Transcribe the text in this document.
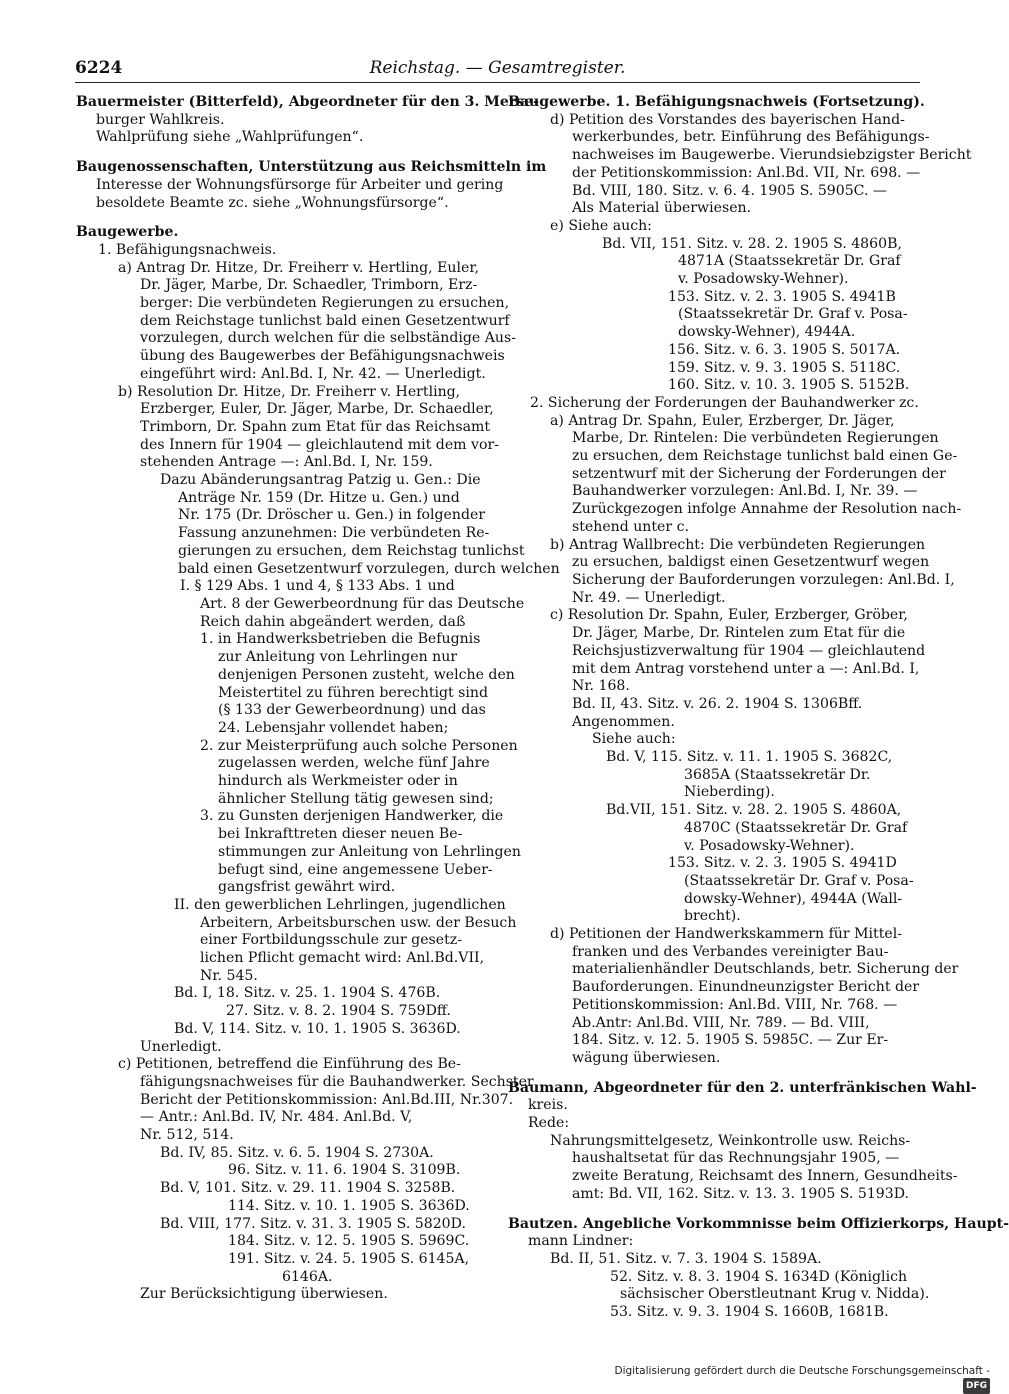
6224	Reichstag. — Gesamtregister.
Bauermeister (Bitterfeld), Abgeordneter für den 3. Merse-
burger Wahlkreis.
Wahlprüfung siehe „Wahlprüfungen“.
Baugenossenschaften, Unterstützung aus Reichsmitteln im
Interesse der Wohnungsfürsorge für Arbeiter und gering
besoldete Beamte zc. siehe „Wohnungsfürsorge“.
Baugewerbe.
1. Befähigungsnachweis.
a) Antrag Dr. Hitze, Dr. Freiherr v. Hertling, Euler,
Dr. Jäger, Marbe, Dr. Schaedler, Trimborn, Erz-
berger: Die verbündeten Regierungen zu ersuchen,
dem Reichstage tunlichst bald einen Gesetzentwurf
vorzulegen, durch welchen für die selbständige Aus-
übung des Baugewerbes der Befähigungsnachweis
eingeführt wird: Anl.Bd. I, Nr. 42. — Unerledigt.
b) Resolution Dr. Hitze, Dr. Freiherr v. Hertling,
Erzberger, Euler, Dr. Jäger, Marbe, Dr. Schaedler,
Trimborn, Dr. Spahn zum Etat für das Reichsamt
des Innern für 1904 — gleichlautend mit dem vor-
stehenden Antrage —: Anl.Bd. I, Nr. 159.
Dazu Abänderungsantrag Patzig u. Gen.: Die
Anträge Nr. 159 (Dr. Hitze u. Gen.) und
Nr. 175 (Dr. Dröscher u. Gen.) in folgender
Fassung anzunehmen: Die verbündeten Re-
gierungen zu ersuchen, dem Reichstag tunlichst
bald einen Gesetzentwurf vorzulegen, durch welchen
I. § 129 Abs. 1 und 4, § 133 Abs. 1 und
Art. 8 der Gewerbeordnung für das Deutsche
Reich dahin abgeändert werden, daß
1. in Handwerksbetrieben die Befugnis
zur Anleitung von Lehrlingen nur
denjenigen Personen zusteht, welche den
Meistertitel zu führen berechtigt sind
(§ 133 der Gewerbeordnung) und das
24. Lebensjahr vollendet haben;
2. zur Meisterprüfung auch solche Personen
zugelassen werden, welche fünf Jahre
hindurch als Werkmeister oder in
ähnlicher Stellung tätig gewesen sind;
3. zu Gunsten derjenigen Handwerker, die
bei Inkrafttreten dieser neuen Be-
stimmungen zur Anleitung von Lehrlingen
befugt sind, eine angemessene Ueber-
gangsfrist gewährt wird.
II. den gewerblichen Lehrlingen, jugendlichen
Arbeitern, Arbeitsburschen usw. der Besuch
einer Fortbildungsschule zur gesetz-
lichen Pflicht gemacht wird: Anl.Bd.VII,
Nr. 545.
Bd. I, 18. Sitz. v. 25. 1. 1904 S. 476B.
27. Sitz. v. 8. 2. 1904 S. 759Dff.
Bd. V, 114. Sitz. v. 10. 1. 1905 S. 3636D.
Unerledigt.
c) Petitionen, betreffend die Einführung des Be-
fähigungsnachweises für die Bauhandwerker. Sechster
Bericht der Petitionskommission: Anl.Bd.III, Nr.307.
— Antr.: Anl.Bd. IV, Nr. 484. Anl.Bd. V,
Nr. 512, 514.
Bd. IV, 85. Sitz. v. 6. 5. 1904 S. 2730A.
96. Sitz. v. 11. 6. 1904 S. 3109B.
Bd. V, 101. Sitz. v. 29. 11. 1904 S. 3258B.
114. Sitz. v. 10. 1. 1905 S. 3636D.
Bd. VIII, 177. Sitz. v. 31. 3. 1905 S. 5820D.
184. Sitz. v. 12. 5. 1905 S. 5969C.
191. Sitz. v. 24. 5. 1905 S. 6145A,
6146A.
Zur Berücksichtigung überwiesen.
Baugewerbe. 1. Befähigungsnachweis (Fortsetzung).
d) Petition des Vorstandes des bayerischen Hand-
werkerbundes, betr. Einführung des Befähigungs-
nachweises im Baugewerbe. Vierundsiebzigster Bericht
der Petitionskommission: Anl.Bd. VII, Nr. 698. —
Bd. VIII, 180. Sitz. v. 6. 4. 1905 S. 5905C. —
Als Material überwiesen.
e) Siehe auch:
Bd. VII, 151. Sitz. v. 28. 2. 1905 S. 4860B,
4871A (Staatssekretär Dr. Graf
v. Posadowsky-Wehner).
153. Sitz. v. 2. 3. 1905 S. 4941B
(Staatssekretär Dr. Graf v. Posa-
dowsky-Wehner), 4944A.
156. Sitz. v. 6. 3. 1905 S. 5017A.
159. Sitz. v. 9. 3. 1905 S. 5118C.
160. Sitz. v. 10. 3. 1905 S. 5152B.
2. Sicherung der Forderungen der Bauhandwerker zc.
a) Antrag Dr. Spahn, Euler, Erzberger, Dr. Jäger,
Marbe, Dr. Rintelen: Die verbündeten Regierungen
zu ersuchen, dem Reichstage tunlichst bald einen Ge-
setzentwurf mit der Sicherung der Forderungen der
Bauhandwerker vorzulegen: Anl.Bd. I, Nr. 39. —
Zurückgezogen infolge Annahme der Resolution nach-
stehend unter c.
b) Antrag Wallbrecht: Die verbündeten Regierungen
zu ersuchen, baldigst einen Gesetzentwurf wegen
Sicherung der Bauforderungen vorzulegen: Anl.Bd. I,
Nr. 49. — Unerledigt.
c) Resolution Dr. Spahn, Euler, Erzberger, Gröber,
Dr. Jäger, Marbe, Dr. Rintelen zum Etat für die
Reichsjustizverwaltung für 1904 — gleichlautend
mit dem Antrag vorstehend unter a —: Anl.Bd. I,
Nr. 168.
Bd. II, 43. Sitz. v. 26. 2. 1904 S. 1306Bff.
Angenommen.
Siehe auch:
Bd. V, 115. Sitz. v. 11. 1. 1905 S. 3682C,
3685A (Staatssekretär Dr.
Nieberding).
Bd.VII, 151. Sitz. v. 28. 2. 1905 S. 4860A,
4870C (Staatssekretär Dr. Graf
v. Posadowsky-Wehner).
153. Sitz. v. 2. 3. 1905 S. 4941D
(Staatssekretär Dr. Graf v. Posa-
dowsky-Wehner), 4944A (Wall-
brecht).
d) Petitionen der Handwerkskammern für Mittel-
franken und des Verbandes vereinigter Bau-
materialienhändler Deutschlands, betr. Sicherung der
Bauforderungen. Einundneunzigster Bericht der
Petitionskommission: Anl.Bd. VIII, Nr. 768. —
Ab.Antr: Anl.Bd. VIII, Nr. 789. — Bd. VIII,
184. Sitz. v. 12. 5. 1905 S. 5985C. — Zur Er-
wägung überwiesen.
Baumann, Abgeordneter für den 2. unterfränkischen Wahl-
kreis.
Rede:
Nahrungsmittelgesetz, Weinkontrolle usw. Reichs-
haushaltsetat für das Rechnungsjahr 1905, —
zweite Beratung, Reichsamt des Innern, Gesundheits-
amt: Bd. VII, 162. Sitz. v. 13. 3. 1905 S. 5193D.
Bautzen. Angebliche Vorkommnisse beim Offizierkorps, Haupt-
mann Lindner:
Bd. II, 51. Sitz. v. 7. 3. 1904 S. 1589A.
52. Sitz. v. 8. 3. 1904 S. 1634D (Königlich
sächsischer Oberstleutnant Krug v. Nidda).
53. Sitz. v. 9. 3. 1904 S. 1660B, 1681B.
Digitalisierung gefördert durch die Deutsche Forschungsgemeinschaft - DFG
